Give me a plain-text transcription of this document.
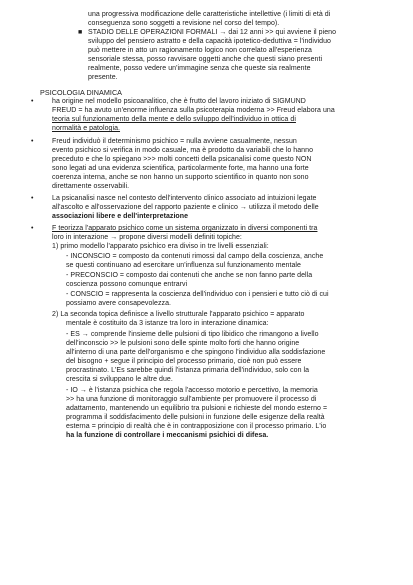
una progressiva modificazione delle caratteristiche intellettive (i limiti di età di
conseguenza sono soggetti a revisione nel corso del tempo).
■ STADIO DELLE OPERAZIONI FORMALI → dai 12 anni >> qui avviene il pieno
sviluppo del pensiero astratto e della capacità ipotetico-deduttiva = l'individuo
può mettere in atto un ragionamento logico non correlato all'esperienza
sensoriale stessa, posso ravvisare oggetti anche che questi siano presenti
realmente, posso vedere un'immagine senza che queste sia realmente
presente.
PSICOLOGIA DINAMICA
•	ha origine nel modello psicoanalitico, che è frutto del lavoro iniziato di SIGMUND
FREUD = ha avuto un'enorme influenza sulla psicoterapia moderna >> Freud elabora una
teoria sul funzionamento della mente e dello sviluppo dell'individuo in ottica di
normalità e patologia.
•	Freud individuò il determinismo psichico = nulla avviene casualmente, nessun
evento psichico si verifica in modo casuale, ma è prodotto da variabili che lo hanno
preceduto e che lo spiegano >>> molti concetti della psicanalisi come questo NON
sono legati ad una evidenza scientifica, particolarmente forte, ma hanno una forte
coerenza interna, anche se non hanno un supporto scientifico in quanto non sono
direttamente osservabili.
•	La psicanalisi nasce nel contesto dell'intervento clinico associato ad intuizioni legate
all'ascolto e all'osservazione del rapporto paziente e clinico → utilizza il metodo delle
associazioni libere e dell'interpretazione
•	F teorizza l'apparato psichico come un sistema organizzato in diversi componenti tra
loro in interazione → propone diversi modelli definiti topiche:
1) primo modello l'apparato psichico era diviso in tre livelli essenziali:
- INCONSCIO = composto da contenuti rimossi dal campo della coscienza, anche
se questi continuano ad esercitare un'influenza sul funzionamento mentale
- PRECONSCIO = composto dai contenuti che anche se non fanno parte della
coscienza possono comunque entrarvi
- CONSCIO = rappresenta la coscienza dell'individuo con i pensieri e tutto ciò di cui
possiamo avere consapevolezza.
2) La seconda topica definisce a livello strutturale l'apparato psichico = apparato
mentale è costituito da 3 istanze tra loro in interazione dinamica:
- ES → comprende l'insieme delle pulsioni di tipo libidico che rimangono a livello
dell'inconscio >> le pulsioni sono delle spinte molto forti che hanno origine
all'interno di una parte dell'organismo e che spingono l'individuo alla soddisfazione
del bisogno + segue il principio del processo primario, cioè non può essere
procrastinato. L'Es sarebbe quindi l'istanza primaria dell'individuo, solo con la
crescita si sviluppano le altre due.
- IO → è l'istanza psichica che regola l'accesso motorio e percettivo, la memoria
>> ha una funzione di monitoraggio sull'ambiente per promuovere il processo di
adattamento, mantenendo un equilibrio tra pulsioni e richieste del mondo esterno =
programma il soddisfacimento delle pulsioni in funzione delle esigenze della realtà
esterna = principio di realtà che è in contrapposizione con il processo primario. L'io
ha la funzione di controllare i meccanismi psichici di difesa.
